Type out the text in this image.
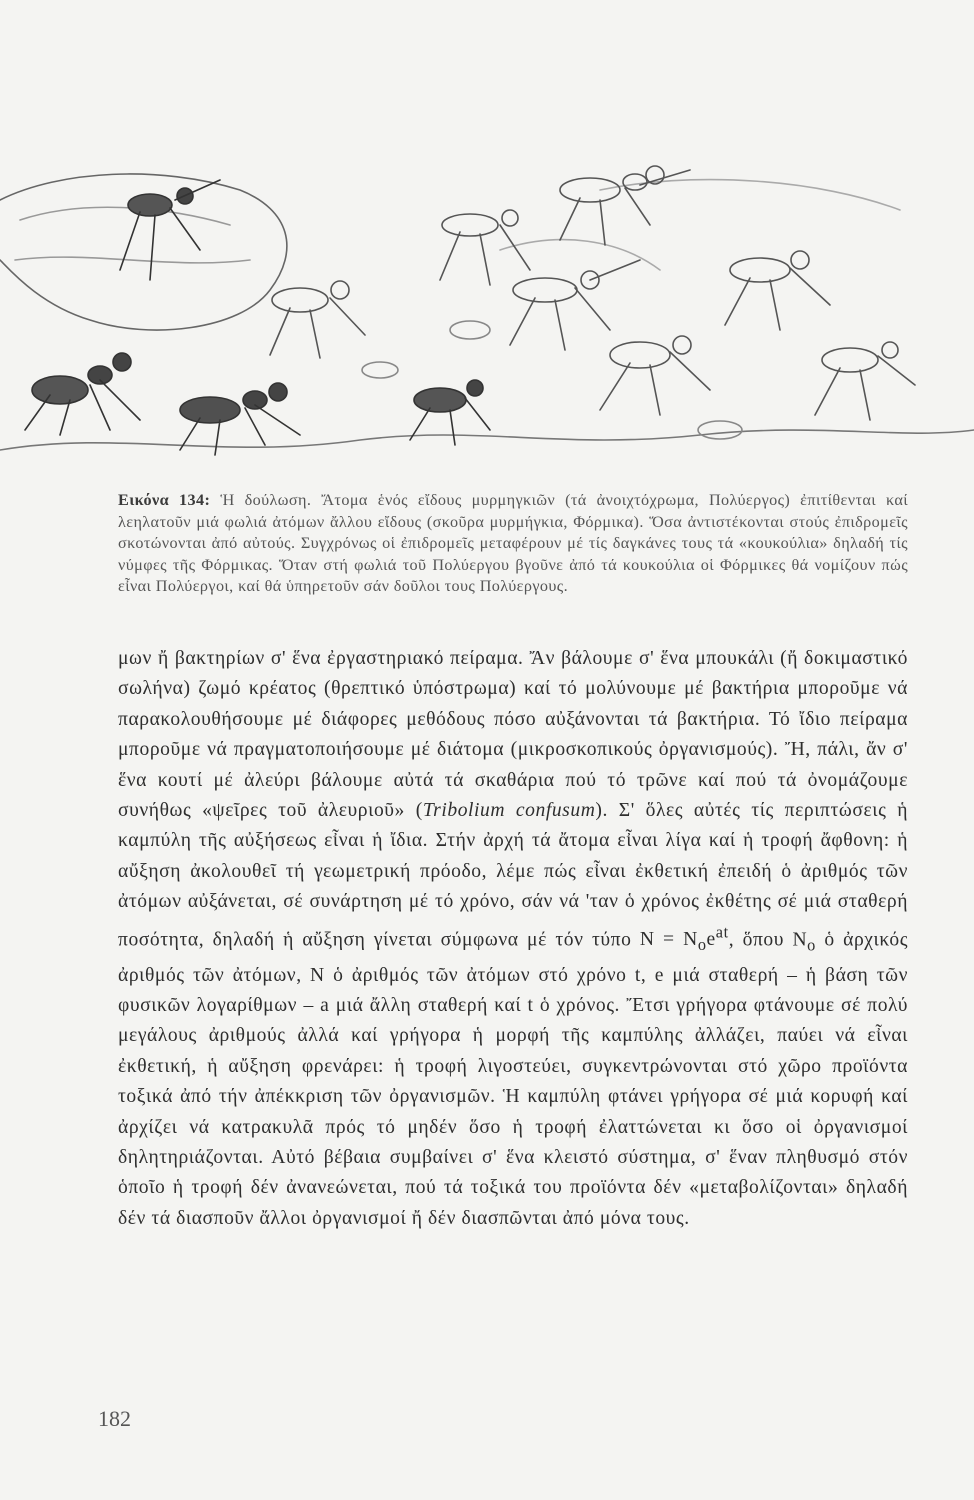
Εικόνα 134: Ἡ δούλωση. Ἄτομα ἑνός εἴδους μυρμηγκιῶν (τά ἀνοιχτόχρωμα, Πολύεργος) ἐπιτίθενται καί λεηλατοῦν μιά φωλιά ἀτόμων ἄλλου εἴδους (σκοῦρα μυρμήγκια, Φόρμικα). Ὅσα ἀντιστέκονται στούς ἐπιδρομεῖς σκοτώνονται ἀπό αὐτούς. Συγχρόνως οἱ ἐπιδρομεῖς μεταφέρουν μέ τίς δαγκάνες τους τά «κουκούλια» δηλαδή τίς νύμφες τῆς Φόρμικας. Ὅταν στή φωλιά τοῦ Πολύεργου βγοῦνε ἀπό τά κουκούλια οἱ Φόρμικες θά νομίζουν πώς εἶναι Πολύεργοι, καί θά ὑπηρετοῦν σάν δοῦλοι τους Πολύεργους.

μων ἤ βακτηρίων σ' ἕνα ἐργαστηριακό πείραμα. Ἄν βάλουμε σ' ἕνα μπουκάλι (ἤ δοκιμαστικό σωλήνα) ζωμό κρέατος (θρεπτικό ὑπόστρωμα) καί τό μολύνουμε μέ βακτήρια μποροῦμε νά παρακολουθήσουμε μέ διάφορες μεθόδους πόσο αὐξάνονται τά βακτήρια. Τό ἴδιο πείραμα μποροῦμε νά πραγματοποιήσουμε μέ διάτομα (μικροσκοπικούς ὀργανισμούς). Ἤ, πάλι, ἄν σ' ἕνα κουτί μέ ἀλεύρι βάλουμε αὐτά τά σκαθάρια πού τό τρῶνε καί πού τά ὀνομάζουμε συνήθως «ψεῖρες τοῦ ἀλευριοῦ» (Tribolium confusum). Σ' ὅλες αὐτές τίς περιπτώσεις ἡ καμπύλη τῆς αὐξήσεως εἶναι ἡ ἴδια. Στήν ἀρχή τά ἄτομα εἶναι λίγα καί ἡ τροφή ἄφθονη: ἡ αὔξηση ἀκολουθεῖ τή γεωμετρική πρόοδο, λέμε πώς εἶναι ἐκθετική ἐπειδή ὁ ἀριθμός τῶν ἀτόμων αὐξάνεται, σέ συνάρτηση μέ τό χρόνο, σάν νά 'ταν ὁ χρόνος ἐκθέτης σέ μιά σταθερή ποσότητα, δηλαδή ἡ αὔξηση γίνεται σύμφωνα μέ τόν τύπο $N = N_oe^{at}$, ὅπου $N_o$ ὁ ἀρχικός ἀριθμός τῶν ἀτόμων, N ὁ ἀριθμός τῶν ἀτόμων στό χρόνο t, e μιά σταθερή – ἡ βάση τῶν φυσικῶν λογαρίθμων – a μιά ἄλλη σταθερή καί t ὁ χρόνος. Ἔτσι γρήγορα φτάνουμε σέ πολύ μεγάλους ἀριθμούς ἀλλά καί γρήγορα ἡ μορφή τῆς καμπύλης ἀλλάζει, παύει νά εἶναι ἐκθετική, ἡ αὔξηση φρενάρει: ἡ τροφή λιγοστεύει, συγκεντρώνονται στό χῶρο προϊόντα τοξικά ἀπό τήν ἀπέκκριση τῶν ὀργανισμῶν. Ἡ καμπύλη φτάνει γρήγορα σέ μιά κορυφή καί ἀρχίζει νά κατρακυλᾶ πρός τό μηδέν ὅσο ἡ τροφή ἐλαττώνεται κι ὅσο οἱ ὀργανισμοί δηλητηριάζονται. Αὐτό βέβαια συμβαίνει σ' ἕνα κλειστό σύστημα, σ' ἕναν πληθυσμό στόν ὁποῖο ἡ τροφή δέν ἀνανεώνεται, πού τά τοξικά του προϊόντα δέν «μεταβολίζονται» δηλαδή δέν τά διασποῦν ἄλλοι ὀργανισμοί ἤ δέν διασπῶνται ἀπό μόνα τους.

182
